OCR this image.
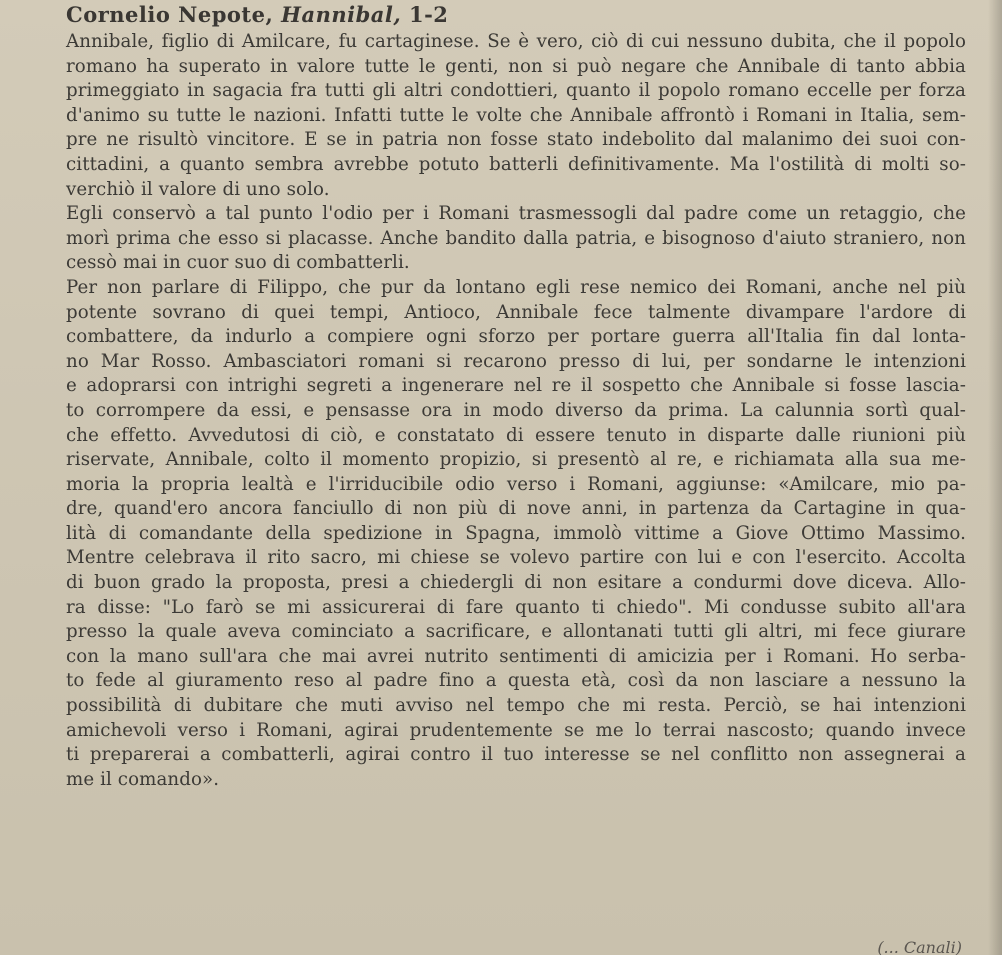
Cornelio Nepote, Hannibal, 1-2
Annibale, figlio di Amilcare, fu cartaginese. Se è vero, ciò di cui nessuno dubita, che il popolo
romano ha superato in valore tutte le genti, non si può negare che Annibale di tanto abbia
primeggiato in sagacia fra tutti gli altri condottieri, quanto il popolo romano eccelle per forza
d'animo su tutte le nazioni. Infatti tutte le volte che Annibale affrontò i Romani in Italia, sem-
pre ne risultò vincitore. E se in patria non fosse stato indebolito dal malanimo dei suoi con-
cittadini, a quanto sembra avrebbe potuto batterli definitivamente. Ma l'ostilità di molti so-
verchiò il valore di uno solo.
Egli conservò a tal punto l'odio per i Romani trasmessogli dal padre come un retaggio, che
morì prima che esso si placasse. Anche bandito dalla patria, e bisognoso d'aiuto straniero, non
cessò mai in cuor suo di combatterli.
Per non parlare di Filippo, che pur da lontano egli rese nemico dei Romani, anche nel più
potente sovrano di quei tempi, Antioco, Annibale fece talmente divampare l'ardore di
combattere, da indurlo a compiere ogni sforzo per portare guerra all'Italia fin dal lonta-
no Mar Rosso. Ambasciatori romani si recarono presso di lui, per sondarne le intenzioni
e adoprarsi con intrighi segreti a ingenerare nel re il sospetto che Annibale si fosse lascia-
to corrompere da essi, e pensasse ora in modo diverso da prima. La calunnia sortì qual-
che effetto. Avvedutosi di ciò, e constatato di essere tenuto in disparte dalle riunioni più
riservate, Annibale, colto il momento propizio, si presentò al re, e richiamata alla sua me-
moria la propria lealtà e l'irriducibile odio verso i Romani, aggiunse: «Amilcare, mio pa-
dre, quand'ero ancora fanciullo di non più di nove anni, in partenza da Cartagine in qua-
lità di comandante della spedizione in Spagna, immolò vittime a Giove Ottimo Massimo.
Mentre celebrava il rito sacro, mi chiese se volevo partire con lui e con l'esercito. Accolta
di buon grado la proposta, presi a chiedergli di non esitare a condurmi dove diceva. Allo-
ra disse: "Lo farò se mi assicurerai di fare quanto ti chiedo". Mi condusse subito all'ara
presso la quale aveva cominciato a sacrificare, e allontanati tutti gli altri, mi fece giurare
con la mano sull'ara che mai avrei nutrito sentimenti di amicizia per i Romani. Ho serba-
to fede al giuramento reso al padre fino a questa età, così da non lasciare a nessuno la
possibilità di dubitare che muti avviso nel tempo che mi resta. Perciò, se hai intenzioni
amichevoli verso i Romani, agirai prudentemente se me lo terrai nascosto; quando invece
ti preparerai a combatterli, agirai contro il tuo interesse se nel conflitto non assegnerai a
me il comando».
(... Canali)
